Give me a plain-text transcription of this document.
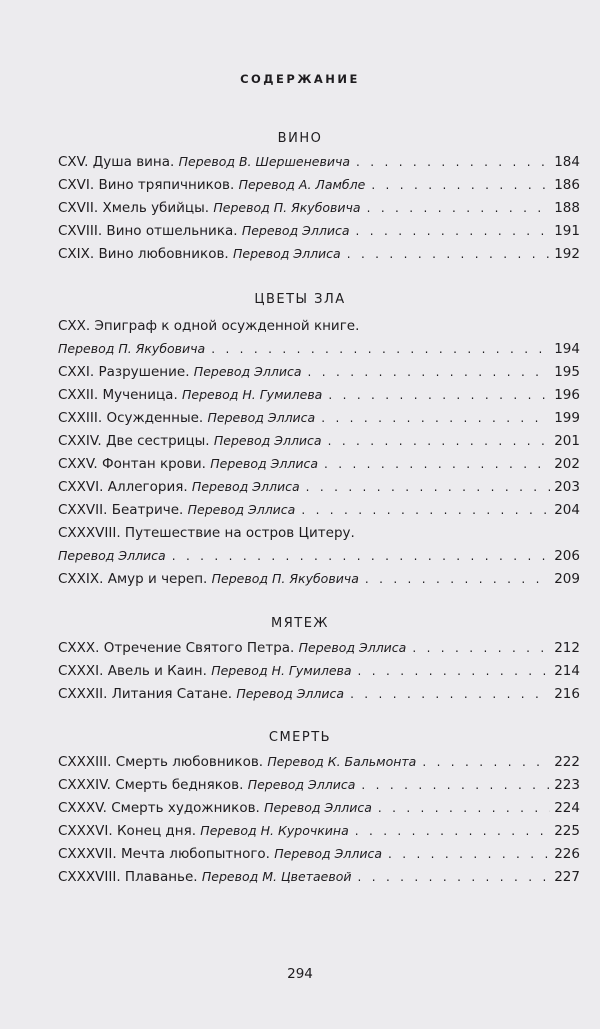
СОДЕРЖАНИЕ
ВИНО
CXV. Душа вина. Перевод В. Шершеневича . . .	184
CXVI. Вино тряпичников. Перевод А. Ламбле . . .	186
CXVII. Хмель убийцы. Перевод П. Якубовича . . .	188
CXVIII. Вино отшельника. Перевод Эллиса . . .	191
CXIX. Вино любовников. Перевод Эллиса . . .	192
ЦВЕТЫ ЗЛА
CXX. Эпиграф к одной осужденной книге.
Перевод П. Якубовича . . .	194
CXXI. Разрушение. Перевод Эллиса . . .	195
CXXII. Мученица. Перевод Н. Гумилева . . .	196
CXXIII. Осужденные. Перевод Эллиса . . .	199
CXXIV. Две сестрицы. Перевод Эллиса . . .	201
CXXV. Фонтан крови. Перевод Эллиса . . .	202
CXXVI. Аллегория. Перевод Эллиса . . .	203
CXXVII. Беатриче. Перевод Эллиса . . .	204
CXXXVIII. Путешествие на остров Цитеру.
Перевод Эллиса . . .	206
CXXIX. Амур и череп. Перевод П. Якубовича . . .	209
МЯТЕЖ
CXXX. Отречение Святого Петра. Перевод Эллиса . . .	212
CXXXI. Авель и Каин. Перевод Н. Гумилева . . .	214
CXXXII. Литания Сатане. Перевод Эллиса . . .	216
СМЕРТЬ
CXXXIII. Смерть любовников. Перевод К. Бальмонта . . .	222
CXXXIV. Смерть бедняков. Перевод Эллиса . . .	223
CXXXV. Смерть художников. Перевод Эллиса . . .	224
CXXXVI. Конец дня. Перевод Н. Курочкина . . .	225
CXXXVII. Мечта любопытного. Перевод Эллиса . . .	226
CXXXVIII. Плаванье. Перевод М. Цветаевой . . .	227
294
